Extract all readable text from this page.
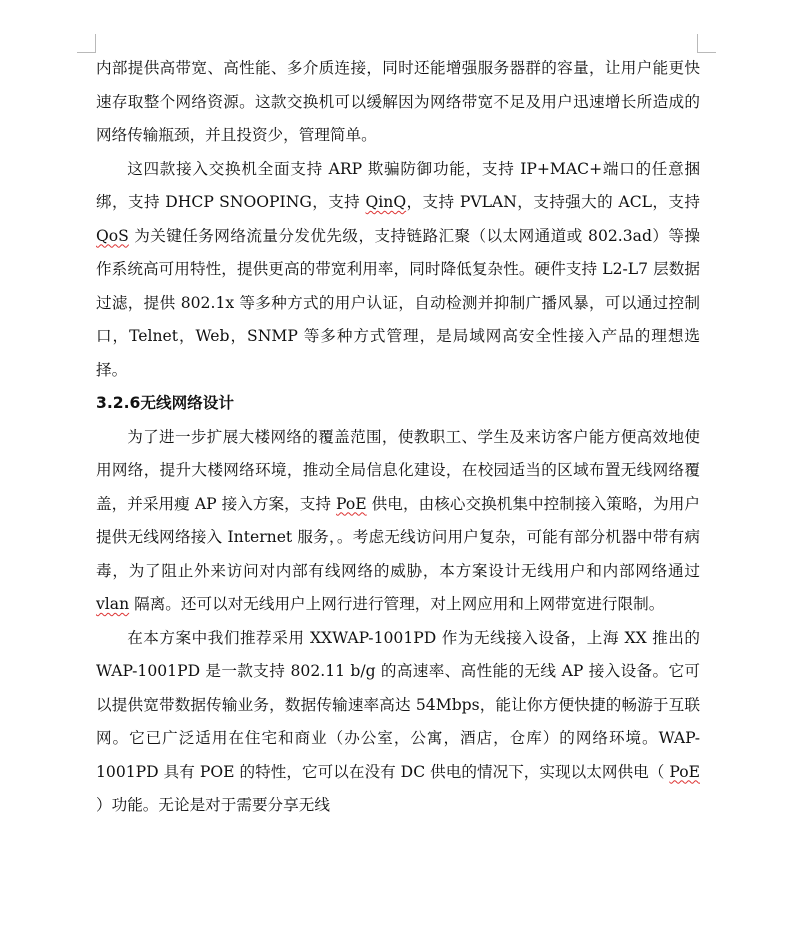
内部提供高带宽、高性能、多介质连接，同时还能增强服务器群的容量，让用户能更快速存取整个网络资源。这款交换机可以缓解因为网络带宽不足及用户迅速增长所造成的网络传输瓶颈，并且投资少，管理简单。

这四款接入交换机全面支持 ARP 欺骗防御功能，支持 IP+MAC+端口的任意捆绑，支持 DHCP SNOOPING，支持 QinQ，支持 PVLAN，支持强大的 ACL，支持 QoS 为关键任务网络流量分发优先级，支持链路汇聚（以太网通道或 802.3ad）等操作系统高可用特性，提供更高的带宽利用率，同时降低复杂性。硬件支持 L2-L7 层数据过滤，提供 802.1x 等多种方式的用户认证，自动检测并抑制广播风暴，可以通过控制口，Telnet，Web，SNMP 等多种方式管理，是局域网高安全性接入产品的理想选择。

3.2.6无线网络设计

为了进一步扩展大楼网络的覆盖范围，使教职工、学生及来访客户能方便高效地使用网络，提升大楼网络环境，推动全局信息化建设，在校园适当的区域布置无线网络覆盖，并采用瘦 AP 接入方案，支持 PoE 供电，由核心交换机集中控制接入策略，为用户提供无线网络接入 Internet 服务，。考虑无线访问用户复杂，可能有部分机器中带有病毒，为了阻止外来访问对内部有线网络的威胁，本方案设计无线用户和内部网络通过 vlan 隔离。还可以对无线用户上网行进行管理，对上网应用和上网带宽进行限制。

在本方案中我们推荐采用 XXWAP-1001PD 作为无线接入设备，上海 XX 推出的 WAP-1001PD 是一款支持 802.11 b/g 的高速率、高性能的无线 AP 接入设备。它可以提供宽带数据传输业务，数据传输速率高达 54Mbps，能让你方便快捷的畅游于互联网。它已广泛适用在住宅和商业（办公室，公寓，酒店，仓库）的网络环境。WAP-1001PD 具有 POE 的特性，它可以在没有 DC 供电的情况下，实现以太网供电（ PoE ）功能。无论是对于需要分享无线
